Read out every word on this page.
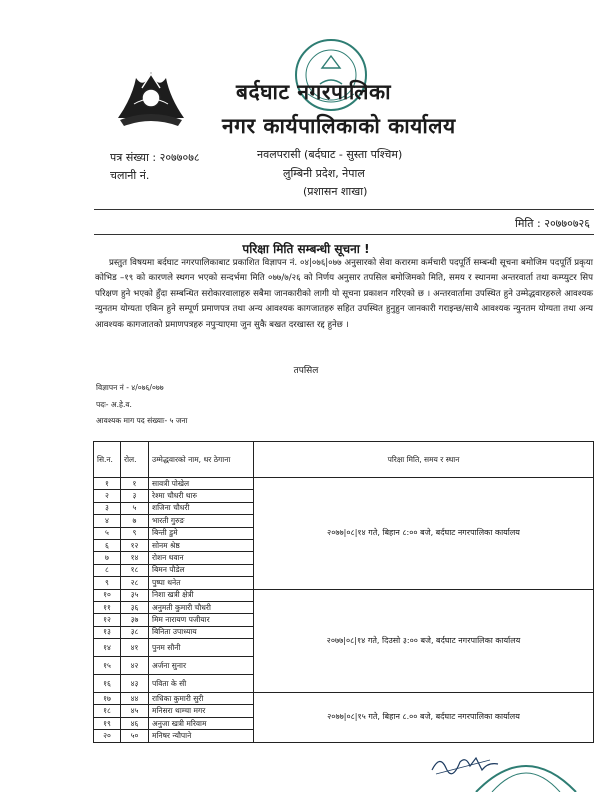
बर्दघाट नगरपालिका
नगर कार्यपालिकाको कार्यालय
पत्र संख्या : २०७७०७८
चलानी नं.
नवलपरासी (बर्दघाट - सुस्ता पश्चिम)
लुम्बिनी प्रदेश, नेपाल
(प्रशासन शाखा)
मिति : २०७७०७२६
परिक्षा मिति सम्बन्धी सूचना !

प्रस्तुत विषयमा बर्दघाट नगरपालिकाबाट प्रकाशित विज्ञापन नं. ०४|०७६|०७७ अनुसारको सेवा करारमा कर्मचारी पदपूर्ति सम्बन्धी सूचना बमोजिम पदपूर्ति प्रकृया कोभिड –१९ को कारणले स्थगन भएको सन्दर्भमा मिति ०७७/७/२६ को निर्णय अनुसार तपसिल बमोजिमको मिति, समय र स्थानमा अन्तरवार्ता तथा कम्प्युटर सिप परिक्षण हुने भएको हुँदा सम्बन्धित सरोकारवालाहरु सबैमा जानकारीको लागी यो सूचना प्रकाशन गरिएको छ । अन्तरवार्तामा उपस्थित हुने उम्मेद्धवारहरुले आवश्यक न्युनतम योग्यता एकिन हुने सम्पूर्ण प्रमाणपत्र तथा अन्य आवश्यक कागजातहरु सहित उपस्थित हुनुहुन जानकारी गराइन्छ/साथै आवश्यक न्युनतम योग्यता तथा अन्य आवश्यक कागजातको प्रमाणपत्रहरु नपुर्‍याएमा जुन सुकै बखत दरखास्त रद्द हुनेछ ।

तपसिल
विज्ञापन नं - ४/०७६/०७७
पदः- अ.हे.व.
आवश्यक माग पद संख्याः- ५ जना
सि.न.	रोल.	उम्मेद्धवारको नाम, थर ठेगाना	परिक्षा मिति, समय र स्थान
१	१	सावत्री पोखेल	२०७७|०८|१४ गते, बिहान ८:०० बजे, बर्दघाट नगरपालिका कार्यालय
२	३	रेश्मा चौधरी थारु	
३	५	शजिना चौधरी	
४	७	भारती गुरुङ	
५	९	बिन्ती डुमे	
६	१२	सोनम श्रेष्ठ	
७	१४	रोशन थवान	
८	१८	बिमन पौडेल	
९	२८	पुष्पा थनेत	
१०	३५	निशा खत्री क्षेत्री	२०७७|०८|१४ गते, दिउसो ३:०० बजे, बर्दघाट नगरपालिका कार्यालय
११	३६	अनुमती कुमारी चौधरी	
१२	३७	मिम नारायण पजीयार	
१३	३८	बिनिता उपाध्याय	
१४	४१	पुनम सौनी	
१५	४२	अर्जना सुनार	
१६	४३	पविता के सी	
१७	४४	राधिका कुमारी सुरी	२०७७|०८|१५ गते, बिहान ८.०० बजे, बर्दघाट नगरपालिका कार्यालय
१८	४५	मनिसरा थाम्चा मगर	
१९	४६	अनुजा खत्री मरिवाम	
२०	५०	मनिषर न्यौपाने	
